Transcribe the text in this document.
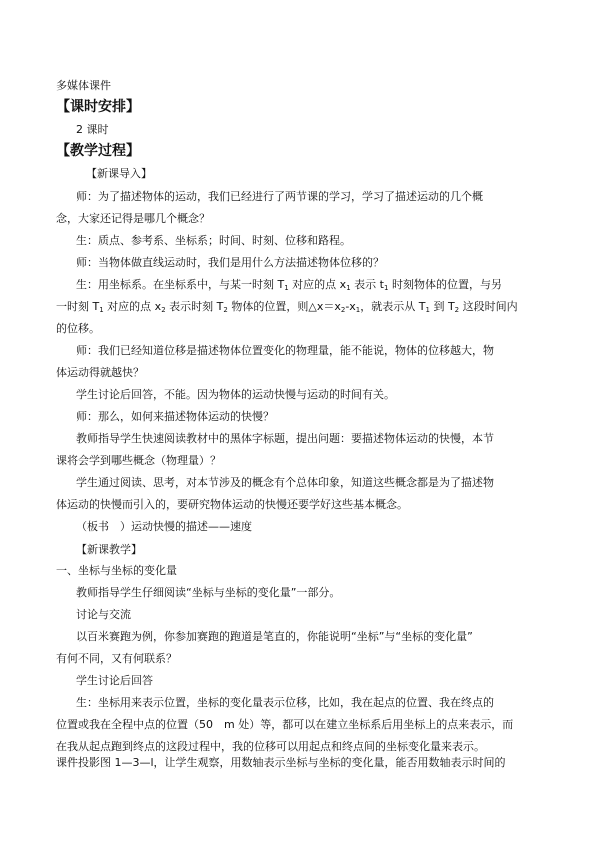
多媒体课件
【课时安排】
2 课时
【教学过程】
【新课导入】
师：为了描述物体的运动，我们已经进行了两节课的学习，学习了描述运动的几个概
念，大家还记得是哪几个概念？
生：质点、参考系、坐标系；时间、时刻、位移和路程。
师：当物体做直线运动时，我们是用什么方法描述物体位移的？
生：用坐标系。在坐标系中，与某一时刻 $T_1$ 对应的点 $x_1$ 表示 $t_1$ 时刻物体的位置，与另
一时刻 $T_1$ 对应的点 $x_2$ 表示时刻 $T_2$ 物体的位置，则$\triangle x=x_2-x_1$，就表示从 $T_1$ 到 $T_2$ 这段时间内
的位移。
师：我们已经知道位移是描述物体位置变化的物理量，能不能说，物体的位移越大，物
体运动得就越快？
学生讨论后回答，不能。因为物体的运动快慢与运动的时间有关。
师：那么，如何来描述物体运动的快慢？
教师指导学生快速阅读教材中的黑体字标题，提出问题：要描述物体运动的快慢，本节
课将会学到哪些概念（物理量）？
学生通过阅读、思考，对本节涉及的概念有个总体印象，知道这些概念都是为了描述物
体运动的快慢而引入的，要研究物体运动的快慢还要学好这些基本概念。
（板书　）运动快慢的描述——速度
【新课教学】
一、坐标与坐标的变化量
教师指导学生仔细阅读“坐标与坐标的变化量”一部分。
讨论与交流
以百米赛跑为例，你参加赛跑的跑道是笔直的，你能说明“坐标”与“坐标的变化量”
有何不同，又有何联系？
学生讨论后回答
生：坐标用来表示位置，坐标的变化量表示位移，比如，我在起点的位置、我在终点的
位置或我在全程中点的位置（50　m 处）等，都可以在建立坐标系后用坐标上的点来表示，而
在我从起点跑到终点的这段过程中，我的位移可以用起点和终点间的坐标变化量来表示。
课件投影图 1—3—l，让学生观察，用数轴表示坐标与坐标的变化量，能否用数轴表示时间的
